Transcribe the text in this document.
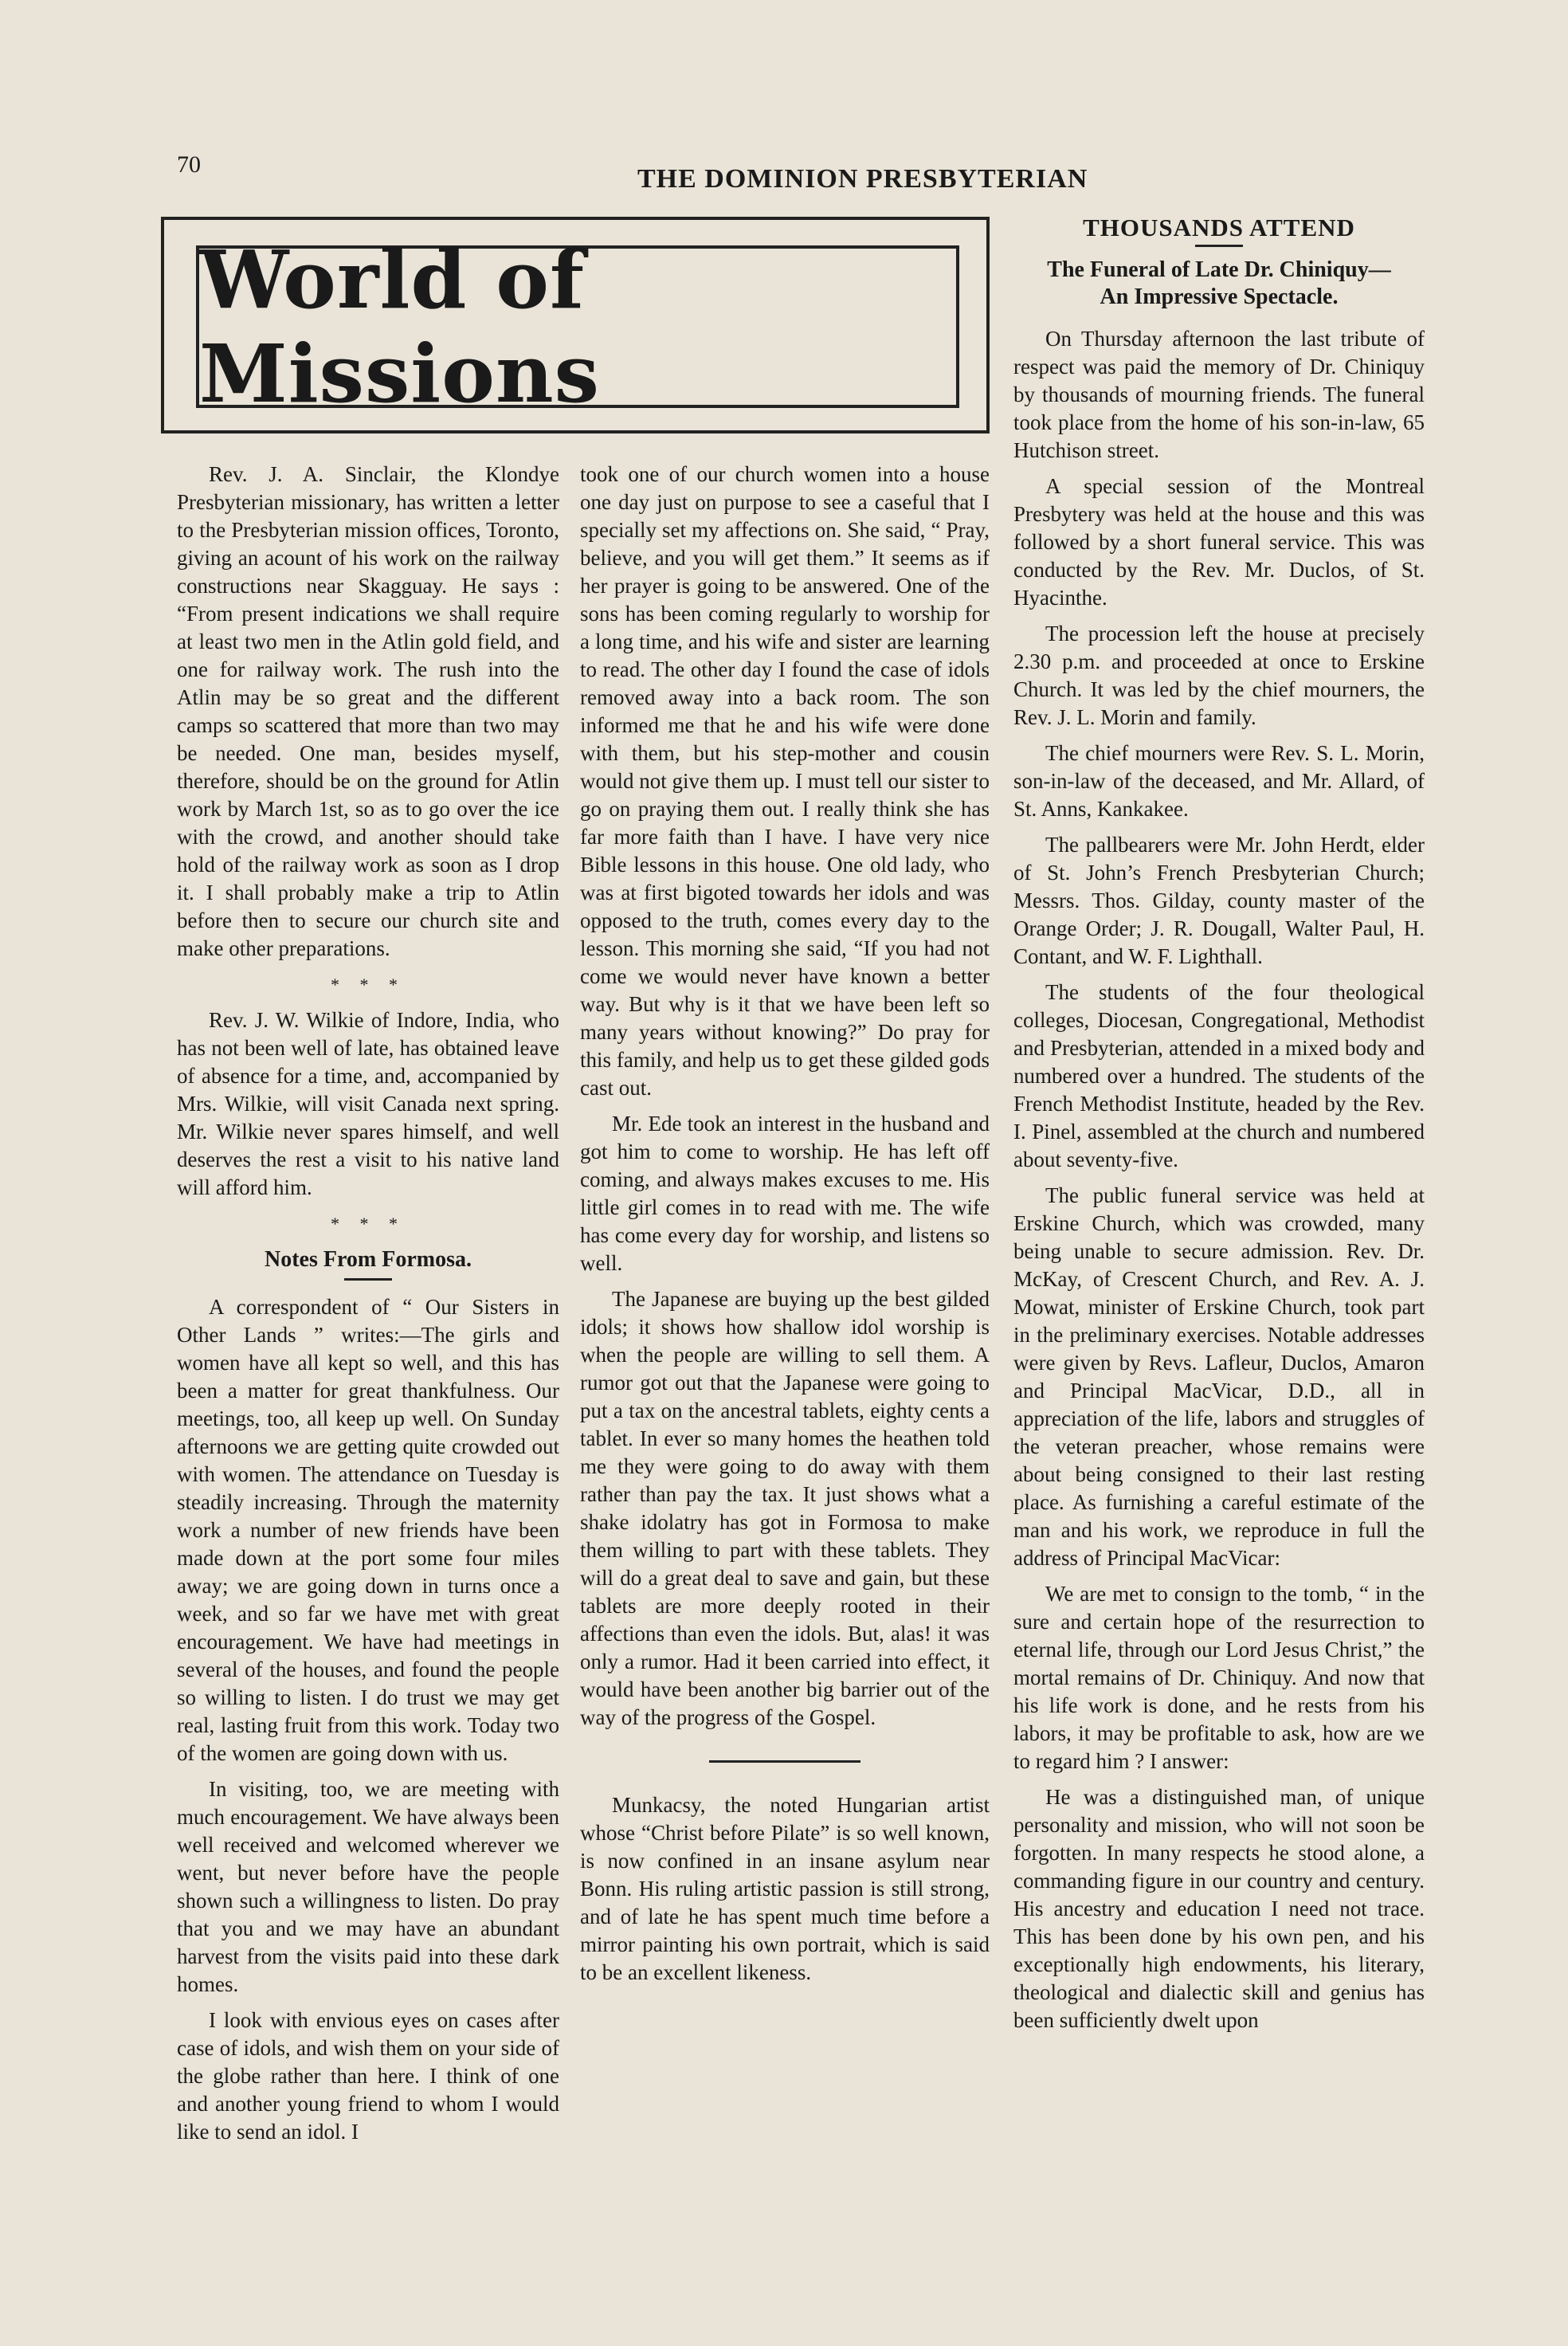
70	THE DOMINION PRESBYTERIAN
World of Missions

Rev. J. A. Sinclair, the Klondye Presbyterian missionary, has written a letter to the Presbyterian mission offices, Toronto, giving an acount of his work on the railway constructions near Skagguay. He says : “From present indications we shall require at least two men in the Atlin gold field, and one for railway work. The rush into the Atlin may be so great and the different camps so scattered that more than two may be needed. One man, besides myself, therefore, should be on the ground for Atlin work by March 1st, so as to go over the ice with the crowd, and another should take hold of the railway work as soon as I drop it. I shall probably make a trip to Atlin before then to secure our church site and make other preparations.

* * *

Rev. J. W. Wilkie of Indore, India, who has not been well of late, has obtained leave of absence for a time, and, accompanied by Mrs. Wilkie, will visit Canada next spring. Mr. Wilkie never spares himself, and well deserves the rest a visit to his native land will afford him.

* * *
Notes From Formosa.

A correspondent of “ Our Sisters in Other Lands ” writes:—The girls and women have all kept so well, and this has been a matter for great thankfulness. Our meetings, too, all keep up well. On Sunday afternoons we are getting quite crowded out with women. The attendance on Tuesday is steadily increasing. Through the maternity work a number of new friends have been made down at the port some four miles away; we are going down in turns once a week, and so far we have met with great encouragement. We have had meetings in several of the houses, and found the people so willing to listen. I do trust we may get real, lasting fruit from this work. Today two of the women are going down with us.

In visiting, too, we are meeting with much encouragement. We have always been well received and welcomed wherever we went, but never before have the people shown such a willingness to listen. Do pray that you and we may have an abundant harvest from the visits paid into these dark homes.

I look with envious eyes on cases after case of idols, and wish them on your side of the globe rather than here. I think of one and another young friend to whom I would like to send an idol. I

took one of our church women into a house one day just on purpose to see a caseful that I specially set my affections on. She said, “ Pray, believe, and you will get them.” It seems as if her prayer is going to be answered. One of the sons has been coming regularly to worship for a long time, and his wife and sister are learning to read. The other day I found the case of idols removed away into a back room. The son informed me that he and his wife were done with them, but his step-mother and cousin would not give them up. I must tell our sister to go on praying them out. I really think she has far more faith than I have. I have very nice Bible lessons in this house. One old lady, who was at first bigoted towards her idols and was opposed to the truth, comes every day to the lesson. This morning she said, “If you had not come we would never have known a better way. But why is it that we have been left so many years without knowing?” Do pray for this family, and help us to get these gilded gods cast out.

Mr. Ede took an interest in the husband and got him to come to worship. He has left off coming, and always makes excuses to me. His little girl comes in to read with me. The wife has come every day for worship, and listens so well.

The Japanese are buying up the best gilded idols; it shows how shallow idol worship is when the people are willing to sell them. A rumor got out that the Japanese were going to put a tax on the ancestral tablets, eighty cents a tablet. In ever so many homes the heathen told me they were going to do away with them rather than pay the tax. It just shows what a shake idolatry has got in Formosa to make them willing to part with these tablets. They will do a great deal to save and gain, but these tablets are more deeply rooted in their affections than even the idols. But, alas! it was only a rumor. Had it been carried into effect, it would have been another big barrier out of the way of the progress of the Gospel.

Munkacsy, the noted Hungarian artist whose “Christ before Pilate” is so well known, is now confined in an insane asylum near Bonn. His ruling artistic passion is still strong, and of late he has spent much time before a mirror painting his own portrait, which is said to be an excellent likeness.

THOUSANDS ATTEND
The Funeral of Late Dr. Chiniquy—
An Impressive Spectacle.

On Thursday afternoon the last tribute of respect was paid the memory of Dr. Chiniquy by thousands of mourning friends. The funeral took place from the home of his son-in-law, 65 Hutchison street.

A special session of the Montreal Presbytery was held at the house and this was followed by a short funeral service. This was conducted by the Rev. Mr. Duclos, of St. Hyacinthe.

The procession left the house at precisely 2.30 p.m. and proceeded at once to Erskine Church. It was led by the chief mourners, the Rev. J. L. Morin and family.

The chief mourners were Rev. S. L. Morin, son-in-law of the deceased, and Mr. Allard, of St. Anns, Kankakee.

The pallbearers were Mr. John Herdt, elder of St. John’s French Presbyterian Church; Messrs. Thos. Gilday, county master of the Orange Order; J. R. Dougall, Walter Paul, H. Contant, and W. F. Lighthall.

The students of the four theological colleges, Diocesan, Congregational, Methodist and Presbyterian, attended in a mixed body and numbered over a hundred. The students of the French Methodist Institute, headed by the Rev. I. Pinel, assembled at the church and numbered about seventy-five.

The public funeral service was held at Erskine Church, which was crowded, many being unable to secure admission. Rev. Dr. McKay, of Crescent Church, and Rev. A. J. Mowat, minister of Erskine Church, took part in the preliminary exercises. Notable addresses were given by Revs. Lafleur, Duclos, Amaron and Principal MacVicar, D.D., all in appreciation of the life, labors and struggles of the veteran preacher, whose remains were about being consigned to their last resting place. As furnishing a careful estimate of the man and his work, we reproduce in full the address of Principal MacVicar:

We are met to consign to the tomb, “ in the sure and certain hope of the resurrection to eternal life, through our Lord Jesus Christ,” the mortal remains of Dr. Chiniquy. And now that his life work is done, and he rests from his labors, it may be profitable to ask, how are we to regard him ? I answer:

He was a distinguished man, of unique personality and mission, who will not soon be forgotten. In many respects he stood alone, a commanding figure in our country and century. His ancestry and education I need not trace. This has been done by his own pen, and his exceptionally high endowments, his literary, theological and dialectic skill and genius has been sufficiently dwelt upon
